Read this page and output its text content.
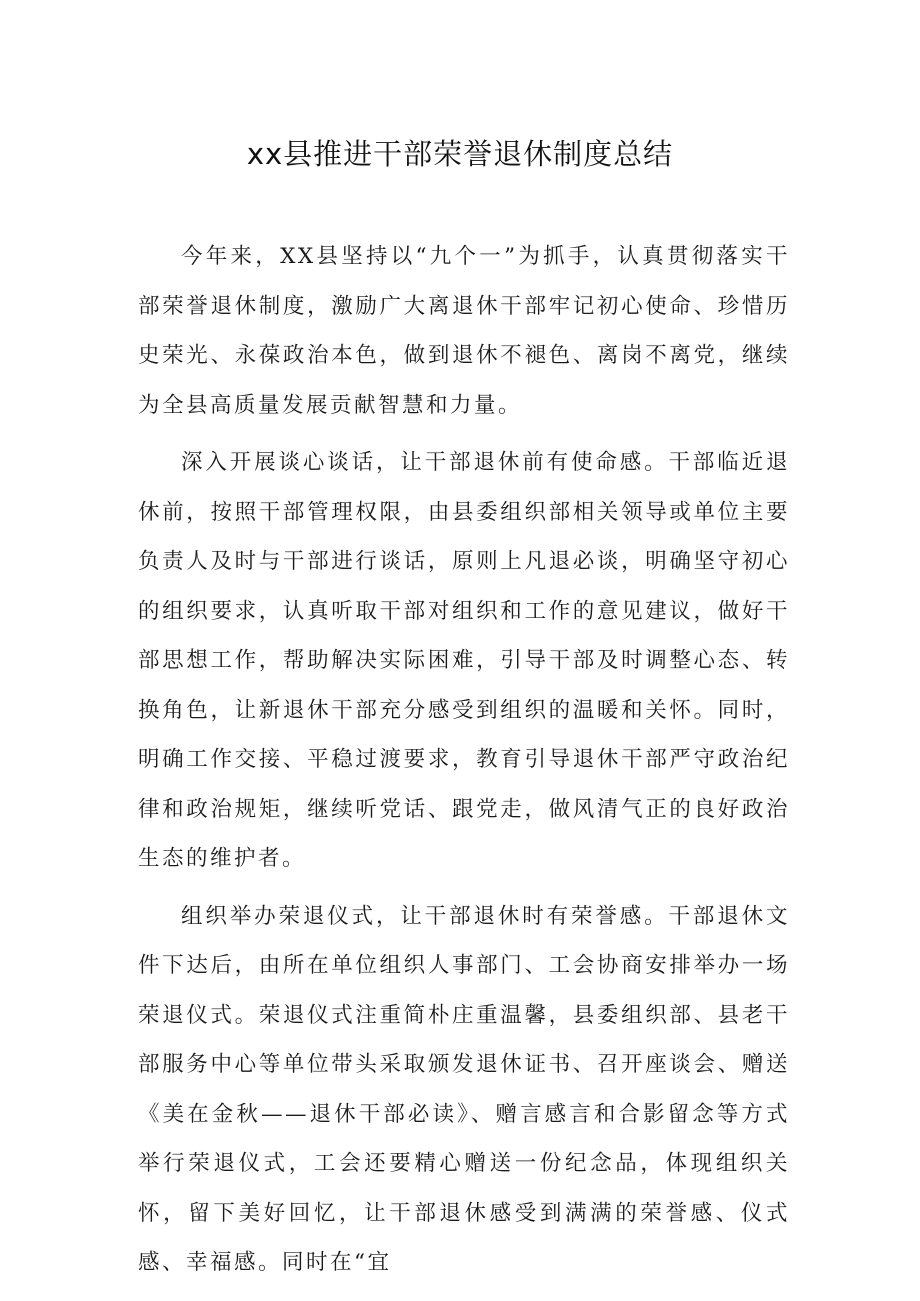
xx县推进干部荣誉退休制度总结

今年来，XX县坚持以“九个一”为抓手，认真贯彻落实干部荣誉退休制度，激励广大离退休干部牢记初心使命、珍惜历史荣光、永葆政治本色，做到退休不褪色、离岗不离党，继续为全县高质量发展贡献智慧和力量。

深入开展谈心谈话，让干部退休前有使命感。干部临近退休前，按照干部管理权限，由县委组织部相关领导或单位主要负责人及时与干部进行谈话，原则上凡退必谈，明确坚守初心的组织要求，认真听取干部对组织和工作的意见建议，做好干部思想工作，帮助解决实际困难，引导干部及时调整心态、转换角色，让新退休干部充分感受到组织的温暖和关怀。同时，明确工作交接、平稳过渡要求，教育引导退休干部严守政治纪律和政治规矩，继续听党话、跟党走，做风清气正的良好政治生态的维护者。

组织举办荣退仪式，让干部退休时有荣誉感。干部退休文件下达后，由所在单位组织人事部门、工会协商安排举办一场荣退仪式。荣退仪式注重简朴庄重温馨，县委组织部、县老干部服务中心等单位带头采取颁发退休证书、召开座谈会、赠送《美在金秋——退休干部必读》、赠言感言和合影留念等方式举行荣退仪式，工会还要精心赠送一份纪念品，体现组织关怀，留下美好回忆，让干部退休感受到满满的荣誉感、仪式感、幸福感。同时在“宜
